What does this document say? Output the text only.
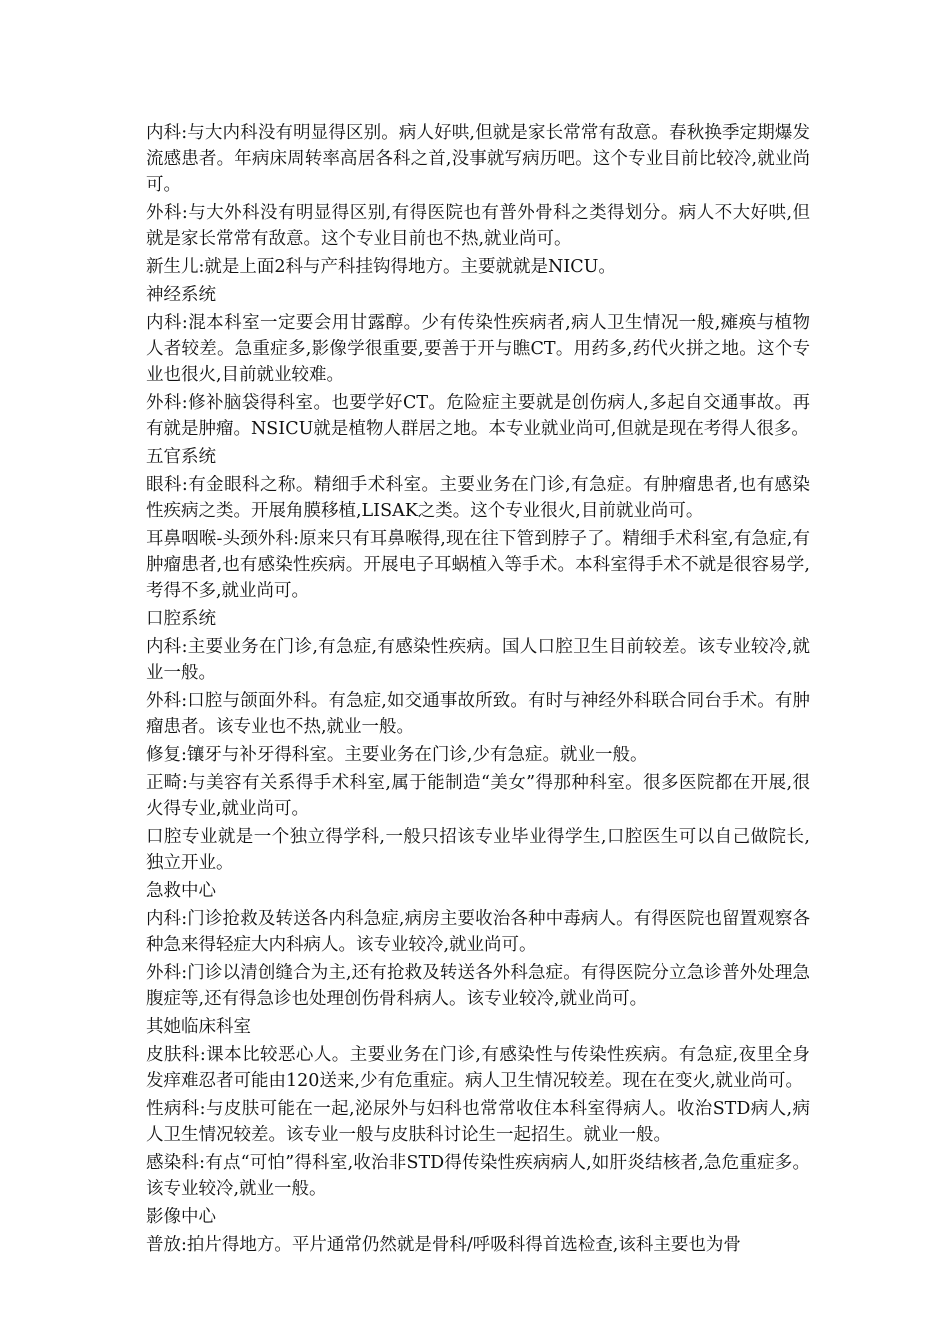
内科:与大内科没有明显得区别。病人好哄,但就是家长常常有敌意。春秋换季定期爆发流感患者。年病床周转率高居各科之首,没事就写病历吧。这个专业目前比较冷,就业尚可。

外科:与大外科没有明显得区别,有得医院也有普外骨科之类得划分。病人不大好哄,但就是家长常常有敌意。这个专业目前也不热,就业尚可。

新生儿:就是上面2科与产科挂钩得地方。主要就就是NICU。

神经系统

内科:混本科室一定要会用甘露醇。少有传染性疾病者,病人卫生情况一般,瘫痪与植物人者较差。急重症多,影像学很重要,要善于开与瞧CT。用药多,药代火拼之地。这个专业也很火,目前就业较难。

外科:修补脑袋得科室。也要学好CT。危险症主要就是创伤病人,多起自交通事故。再有就是肿瘤。NSICU就是植物人群居之地。本专业就业尚可,但就是现在考得人很多。

五官系统

眼科:有金眼科之称。精细手术科室。主要业务在门诊,有急症。有肿瘤患者,也有感染性疾病之类。开展角膜移植,LISAK之类。这个专业很火,目前就业尚可。

耳鼻咽喉-头颈外科:原来只有耳鼻喉得,现在往下管到脖子了。精细手术科室,有急症,有肿瘤患者,也有感染性疾病。开展电子耳蜗植入等手术。本科室得手术不就是很容易学,考得不多,就业尚可。

口腔系统

内科:主要业务在门诊,有急症,有感染性疾病。国人口腔卫生目前较差。该专业较冷,就业一般。

外科:口腔与颌面外科。有急症,如交通事故所致。有时与神经外科联合同台手术。有肿瘤患者。该专业也不热,就业一般。

修复:镶牙与补牙得科室。主要业务在门诊,少有急症。就业一般。

正畸:与美容有关系得手术科室,属于能制造“美女”得那种科室。很多医院都在开展,很火得专业,就业尚可。

口腔专业就是一个独立得学科,一般只招该专业毕业得学生,口腔医生可以自己做院长,独立开业。

急救中心

内科:门诊抢救及转送各内科急症,病房主要收治各种中毒病人。有得医院也留置观察各种急来得轻症大内科病人。该专业较冷,就业尚可。

外科:门诊以清创缝合为主,还有抢救及转送各外科急症。有得医院分立急诊普外处理急腹症等,还有得急诊也处理创伤骨科病人。该专业较冷,就业尚可。

其她临床科室

皮肤科:课本比较恶心人。主要业务在门诊,有感染性与传染性疾病。有急症,夜里全身发痒难忍者可能由120送来,少有危重症。病人卫生情况较差。现在在变火,就业尚可。

性病科:与皮肤可能在一起,泌尿外与妇科也常常收住本科室得病人。收治STD病人,病人卫生情况较差。该专业一般与皮肤科讨论生一起招生。就业一般。

感染科:有点“可怕”得科室,收治非STD得传染性疾病病人,如肝炎结核者,急危重症多。该专业较冷,就业一般。

影像中心

普放:拍片得地方。平片通常仍然就是骨科/呼吸科得首选检查,该科主要也为骨
